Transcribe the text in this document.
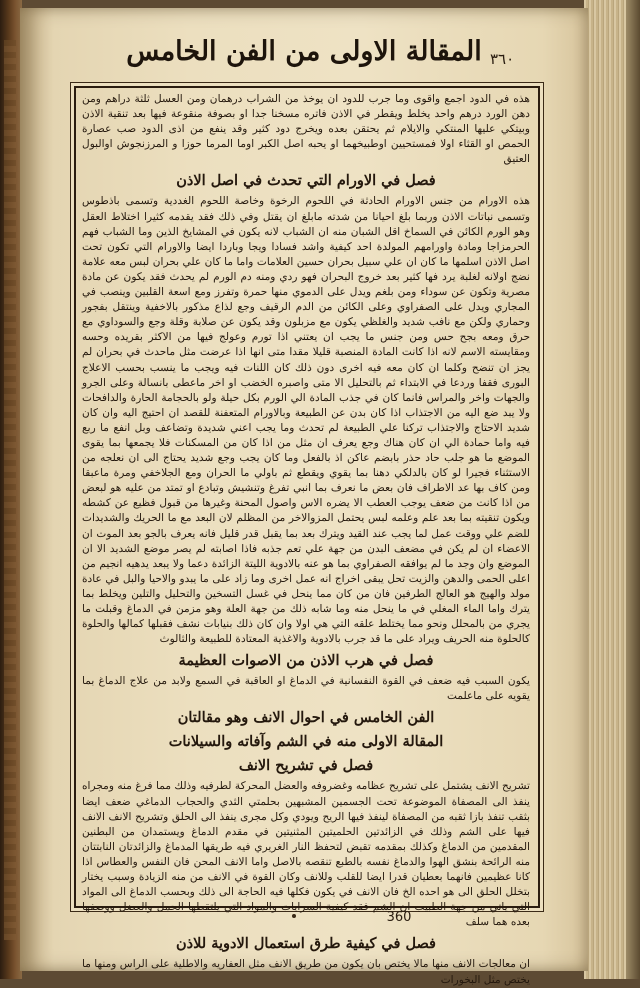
المقالة الاولى من الفن الخامس ٣٦٠

هذه في الدود اجمع واقوى وما جرب للدود ان يوخذ من الشراب درهمان ومن العسل ثلثة دراهم ومن دهن الورد درهم واحد يخلط ويقطر في الاذن فاتره مسخنا جدا او بصوفة منقوعة فيها بعد تنقية الاذن وبيتكي عليها المنتكي والايلام ثم يحتقن بعده ويخرج دود كثير وقد ينفع من اذى الدود صب عصارة الحمص او القثاء اولا فمستحيين اوطبيخهما او يحبه اصل الكبر اوما المرما حوزا و المرزنجوش اوالبول العتيق

فصل في الاورام التي تحدث في اصل الاذن

هذه الاورام من جنس الاورام الحادثة في اللحوم الرخوة وخاصة اللحوم الغددية وتسمى باذطوس وتسمى نباتات الاذن وربما بلغ احيانا من شدته مابلغ ان يقتل وفي ذلك فقد يقدمه كثيرا اختلاط العقل وهو الورم الكائن في السماخ اقل الشبان منه ان الشباب لانه يكون في المشايخ الذين وما الشباب فهم الحرمزاجا ومادة واورامهم المولدة احد كيفية واشد فسادا ويجا وباردا ايضا والاورام التي تكون تحت اصل الاذن اسلمها ما كان ان علي سبيل بحران حسين العلامات واما ما كان علي بحران لبس معه علامة نضج اولانه لغلبة يرد فها كثير بعد خروج البحران فهو ردي ومنه دم الورم لم يحدث فقد يكون عن مادة مصرية وتكون عن سوداء ومن بلغم ويدل على الدموي منها حمرة وتفرز ومع اسعة القلبين وينصب في المجاري ويدل على الصفراوي وعلى الكائن من الدم الرقيف وجع لذاع مذكور بالاخفية وينتقل بفجور وحماري ولكن مع نافب شديد والغلظي يكون مع مزبلون وقد يكون عن صلابة وقلة وجع والسوداوي مع حرق ومعه بجح حس ومن جنس ما يجب ان يعتني اذا تورم وعولج فيها من الاكثر بقريده وحسه ومقايسته الاسم لانه اذا كانت المادة المنصبة قليلا مقدا متى انها اذا عرضت مثل ماحدث في بحران لم يجز ان تنضح وكلما ان كان معه فيه اخرى دون ذلك كان اللنات فيه ويجب ما ينسب بحسب الاعلاج البورى فقفا وردعا في الابتداء ثم بالتحليل الا متى واصبره الخضب او اخر ماعطى بانسالة وعلى الجرو والجهات واخر والمراس فانما كان في جذب المادة الي الورم بكل حيلة ولو بالحجامة الحارة والدافحات ولا يبد ضع اليه من الاجتذاب اذا كان بدن عن الطبيعة وبالاورام المتعفنة للقصد ان احتيج اليه وان كان شديد الاحتاج والاجتذاب تركنا علي الطبيعة لم تحدث وما يجب اعني شديدة وتضاعف وبل انفع ما ربع فيه واما حمادة الي ان كان هناك وجع يعرف ان مثل من اذا كان من المسكنات فلا يجمعها بما يقوى الموضع ما هو جلب حاد حذر بابضم عاكن اذ بالفعل وما كان يجب وجع شديد يحتاج الى ان نعلجه من الاستثناء فجيرا لو كان بالدلكي دهنا بما يقوي ويقطع ثم باولي ما الحران ومع الجلاخفي ومرة ماعبقا ومن كاف بها عد الاطراف فان بعض ما نعرف بما انبي تفرغ وتنشيش وتبادع او تمتد من عليه هو لبعض من اذا كانت من ضعف يوجب العطب الا يضره الاس واصول المحنة وغيرها من قبول فظيع عن كشطه ويكون تنقيته بما بعد علم وعلمه لبس يحتمل المزوالاخر من المظلم لان البعد مع ما الحريك والشديدات للضم علي ووقت عمل لما يجب عند القيد ويترك بعد بما يقبل قدر قليل فانه يعرف بالجو بعد الموت ان الاعضاء ان لم يكن في مضعف البدن من جهة علي تعم جذبه فاذا اصابته لم يصر موضع الشديد الا ان الموضع وان وجد ما لم يوافقه الصفراوي بما هو عنه بالادوية الليتة الزائدة دعما ولا يبعد يدهيه انجيم من اعلى الحمى والدهن والزيت تحل يبقى اخراج انه عمل اخرى وما زاد على ما يبدو والاحيا والبل في عادة مولد والهيج هو العالج الطرفين فان من كان مما ينحل في غسل التسخين والتحليل والتلين ويخلط بما يترك واما الماء المغلي في ما ينحل منه وما شابه ذلك من جهة العلة وهو مزمن في الدماغ وقبلت ما يجري من بالمحلل ونحو مما يختلط علقه التي هي اولا وان كان ذلك بنيابات نشف فقبلها كمالها والحلوة كالحلوة منه الحريف ويراد على ما قد جرب بالادوية والاغذية المعتادة للطبيعة والثالوث

فصل في هرب الاذن من الاصوات العظيمة

يكون السبب فيه ضعف في القوة النفسانية في الدماغ او العاقبة في السمع ولابد من علاج الدماغ بما يقويه على ماعلمت

الفن الخامس في احوال الانف وهو مقالتان
المقالة الاولى منه في الشم وآفاته والسيلانات
فصل في تشريح الانف

تشريح الانف يشتمل على تشريح عظامه وغضروفه والعضل المحركة لطرفيه وذلك مما فرغ منه ومجراه ينفذ الى المصفاة الموضوعة تحت الجسمين المشبهين بحلمتي الثدي والحجاب الدماغي ضعف ايضا بثقب تنفذ بازا ثقبه من المصفاة لينفذ فيها الريح ويودي وكل مجرى ينفذ الى الحلق وتشريح الانف الانف فيها على الشم وذلك في الزائدتين الحلميتين المثنيتين في مقدم الدماغ ويستمدان من البطنين المقدمين من الدماغ وكذلك بمقدمه تقبض لتحفظ النار الغريري فيه طريقها المدماغ والزائدتان النابتتان منه الرائحة بنشق الهوا والدماغ نفسه بالطبع تنقصه بالاصل واما الانف المحن فان النفس والعطاس اذا كانا عظيمين فانهما بعطيان قدرا ايضا للقلب وللانف وكان القوة في الانف من منه الزيادة وسبب يختار بتخلل الحلق الى هو احده الخ فان الانف في يكون فكلها فيه الحاجة الى ذلك وبحسب الدماغ الى المواد التي ياتي من جهة الطبيب ان الشم فقد كيفية السرايات والمواد التي يلتقطها الحمل والعضل ووصفها بعده هما سلف

فصل في كيفية طرق استعمال الادوية للاذن

ان معالجات الانف منها مالا يختص بان يكون من طريق الانف مثل العفاريه والاطلية على الراس ومنها ما يختص مثل البخورات

360
